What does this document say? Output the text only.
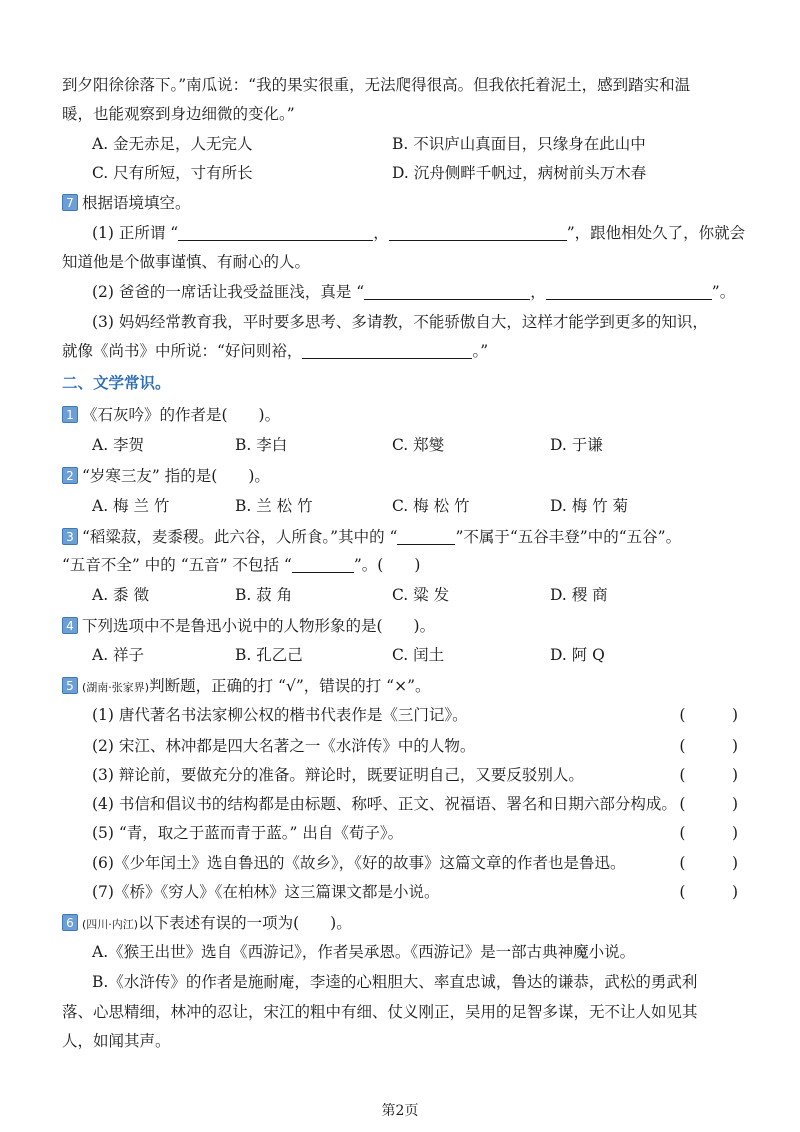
到夕阳徐徐落下。”南瓜说：“我的果实很重，无法爬得很高。但我依托着泥土，感到踏实和温
暖，也能观察到身边细微的变化。”
A. 金无赤足，人无完人	B. 不识庐山真面目，只缘身在此山中
C. 尺有所短，寸有所长	D. 沉舟侧畔千帆过，病树前头万木春
7 根据语境填空。
(1) 正所谓 “	，	”，跟他相处久了，你就会
知道他是个做事谨慎、有耐心的人。
(2) 爸爸的一席话让我受益匪浅，真是 “	，	”。
(3) 妈妈经常教育我，平时要多思考、多请教，不能骄傲自大，这样才能学到更多的知识，
就像《尚书》中所说：“好问则裕，	。”
二、文学常识。
1 《石灰吟》的作者是(　　)。
A. 李贺	B. 李白	C. 郑燮	D. 于谦
2 “岁寒三友” 指的是(　　)。
A. 梅 兰 竹	B. 兰 松 竹	C. 梅 松 竹	D. 梅 竹 菊
3 “稻粱菽，麦黍稷。此六谷，人所食。”其中的 “	”不属于“五谷丰登”中的“五谷”。
“五音不全” 中的 “五音” 不包括 “	”。(　　)
A. 黍 徵	B. 菽 角	C. 粱 发	D. 稷 商
4 下列选项中不是鲁迅小说中的人物形象的是(　　)。
A. 祥子	B. 孔乙己	C. 闰土	D. 阿 Q
5 (湖南·张家界)判断题，正确的打 “√”，错误的打 “×”。
(1) 唐代著名书法家柳公权的楷书代表作是《三门记》。	(　　　)
(2) 宋江、林冲都是四大名著之一《水浒传》中的人物。	(　　　)
(3) 辩论前，要做充分的准备。辩论时，既要证明自己，又要反驳别人。	(　　　)
(4) 书信和倡议书的结构都是由标题、称呼、正文、祝福语、署名和日期六部分构成。 (　　　)
(5) “青，取之于蓝而青于蓝。” 出自《荀子》。	(　　　)
(6)《少年闰土》选自鲁迅的《故乡》，《好的故事》这篇文章的作者也是鲁迅。	(　　　)
(7)《桥》《穷人》《在柏林》这三篇课文都是小说。	(　　　)
6 (四川·内江)以下表述有误的一项为(　　)。
A.《猴王出世》选自《西游记》，作者吴承恩。《西游记》是一部古典神魔小说。
B.《水浒传》的作者是施耐庵，李逵的心粗胆大、率直忠诚，鲁达的谦恭，武松的勇武利
落、心思精细，林冲的忍让，宋江的粗中有细、仗义刚正，吴用的足智多谋，无不让人如见其
人，如闻其声。
第2页
